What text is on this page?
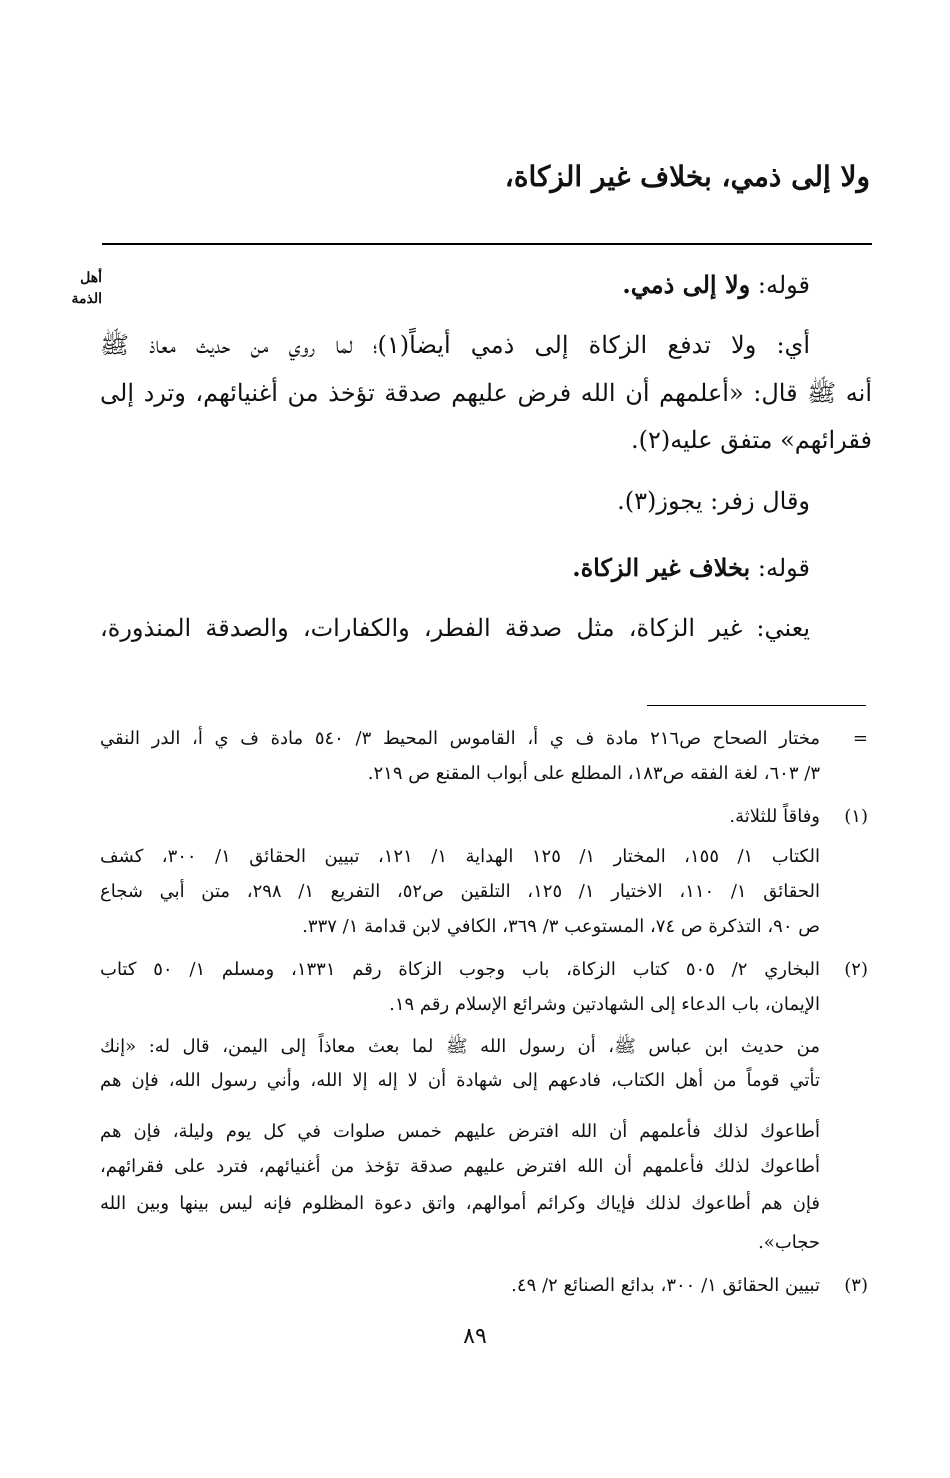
ولا إلى ذمي، بخلاف غير الزكاة،
أهل
الذمة	قوله: ولا إلى ذمي.
أي: ولا تدفع الزكاة إلى ذمي أيضاً(١)؛ لما روي من حديث معاذ ﷺ
أنه ﷺ قال: «أعلمهم أن الله فرض عليهم صدقة تؤخذ من أغنيائهم، وترد إلى
فقرائهم» متفق عليه(٢).
وقال زفر: يجوز(٣).
قوله: بخلاف غير الزكاة.
يعني: غير الزكاة، مثل صدقة الفطر، والكفارات، والصدقة المنذورة،
=
مختار الصحاح ص٢١٦ مادة ف ي أ، القاموس المحيط ٣/ ٥٤٠ مادة ف ي أ، الدر النقي
٣/ ٦٠٣، لغة الفقه ص١٨٣، المطلع على أبواب المقنع ص ٢١٩.
(١)
وفاقاً للثلاثة.
الكتاب ١/ ١٥٥، المختار ١/ ١٢٥ الهداية ١/ ١٢١، تبيين الحقائق ١/ ٣٠٠، كشف
الحقائق ١/ ١١٠، الاختيار ١/ ١٢٥، التلقين ص٥٢، التفريع ١/ ٢٩٨، متن أبي شجاع
ص ٩٠، التذكرة ص ٧٤، المستوعب ٣/ ٣٦٩، الكافي لابن قدامة ١/ ٣٣٧.
(٢)
البخاري ٢/ ٥٠٥ كتاب الزكاة، باب وجوب الزكاة رقم ١٣٣١، ومسلم ١/ ٥٠ كتاب
الإيمان، باب الدعاء إلى الشهادتين وشرائع الإسلام رقم ١٩.
من حديث ابن عباس ﷺ، أن رسول الله ﷺ لما بعث معاذاً إلى اليمن، قال له: «إنك
تأتي قوماً من أهل الكتاب، فادعهم إلى شهادة أن لا إله إلا الله، وأني رسول الله، فإن هم
أطاعوك لذلك فأعلمهم أن الله افترض عليهم خمس صلوات في كل يوم وليلة، فإن هم
أطاعوك لذلك فأعلمهم أن الله افترض عليهم صدقة تؤخذ من أغنيائهم، فترد على فقرائهم،
فإن هم أطاعوك لذلك فإياك وكرائم أموالهم، واتق دعوة المظلوم فإنه ليس بينها وبين الله
حجاب».
(٣)
تبيين الحقائق ١/ ٣٠٠، بدائع الصنائع ٢/ ٤٩.
٨٩
